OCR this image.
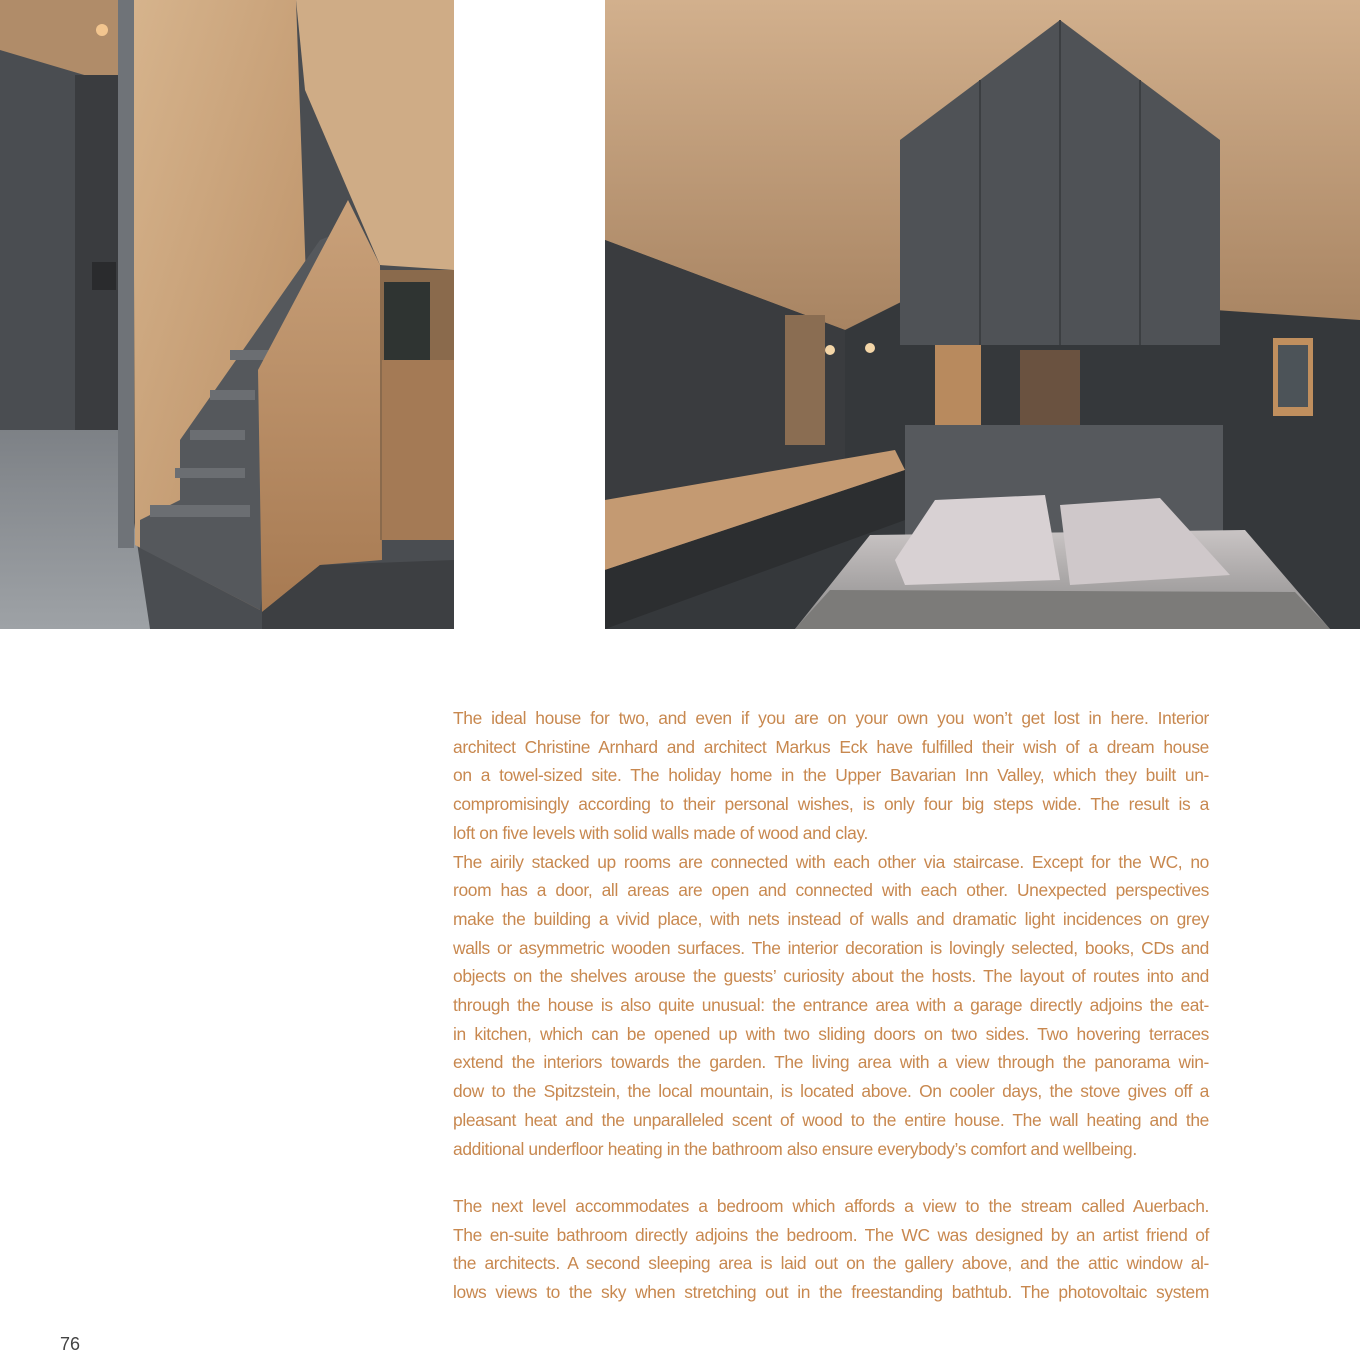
The ideal house for two, and even if you are on your own you won’t get lost in here. Interior
architect Christine Arnhard and architect Markus Eck have fulfilled their wish of a dream house
on a towel-sized site. The holiday home in the Upper Bavarian Inn Valley, which they built un-
compromisingly according to their personal wishes, is only four big steps wide. The result is a
loft on five levels with solid walls made of wood and clay.
The airily stacked up rooms are connected with each other via staircase. Except for the WC, no
room has a door, all areas are open and connected with each other. Unexpected perspectives
make the building a vivid place, with nets instead of walls and dramatic light incidences on grey
walls or asymmetric wooden surfaces. The interior decoration is lovingly selected, books, CDs and
objects on the shelves arouse the guests’ curiosity about the hosts. The layout of routes into and
through the house is also quite unusual: the entrance area with a garage directly adjoins the eat-
in kitchen, which can be opened up with two sliding doors on two sides. Two hovering terraces
extend the interiors towards the garden. The living area with a view through the panorama win-
dow to the Spitzstein, the local mountain, is located above. On cooler days, the stove gives off a
pleasant heat and the unparalleled scent of wood to the entire house. The wall heating and the
additional underfloor heating in the bathroom also ensure everybody’s comfort and wellbeing.
The next level accommodates a bedroom which affords a view to the stream called Auerbach.
The en-suite bathroom directly adjoins the bedroom. The WC was designed by an artist friend of
the architects. A second sleeping area is laid out on the gallery above, and the attic window al-
lows views to the sky when stretching out in the freestanding bathtub. The photovoltaic system
76
